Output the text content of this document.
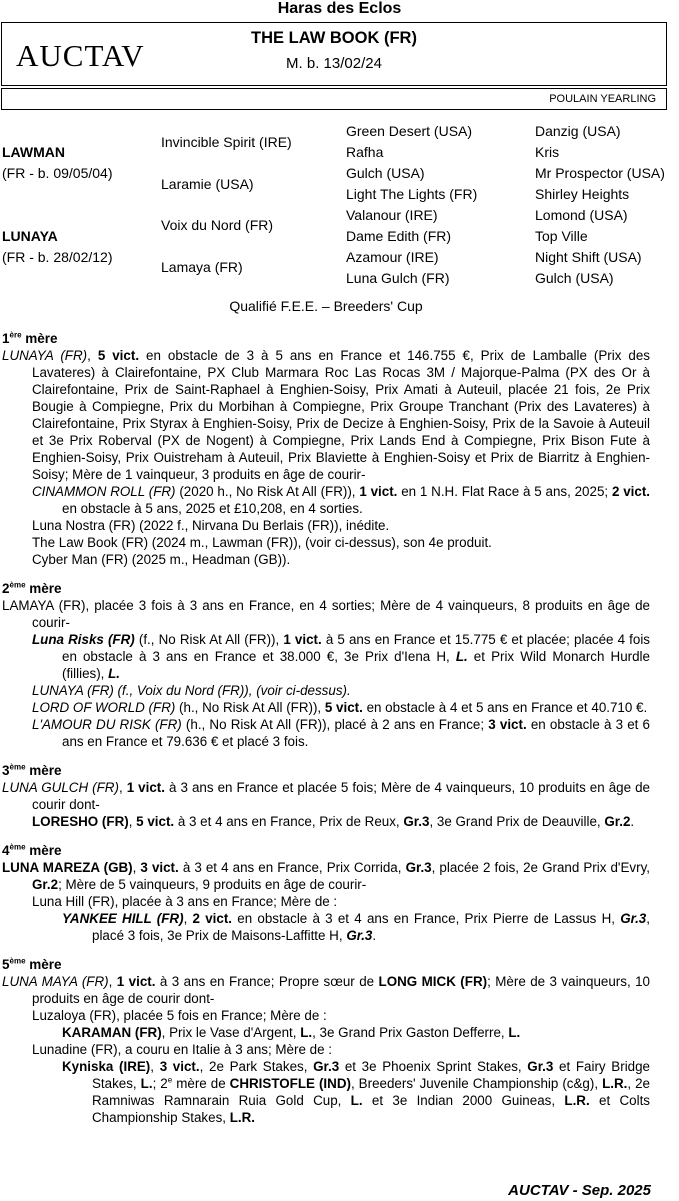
Haras des Eclos
AUCTAV	THE LAW BOOK (FR)
M. b. 13/02/24
POULAIN YEARLING
LAWMAN
(FR - b. 09/05/04)
LUNAYA
(FR - b. 28/02/12)
Invincible Spirit (IRE)
Laramie (USA)
Voix du Nord (FR)
Lamaya (FR)
Green Desert (USA)
Rafha
Gulch (USA)
Light The Lights (FR)
Valanour (IRE)
Dame Edith (FR)
Azamour (IRE)
Luna Gulch (FR)
Danzig (USA)
Kris
Mr Prospector (USA)
Shirley Heights
Lomond (USA)
Top Ville
Night Shift (USA)
Gulch (USA)
Qualifié F.E.E. – Breeders' Cup
1ère mère

LUNAYA (FR), 5 vict. en obstacle de 3 à 5 ans en France et 146.755 €, Prix de Lamballe (Prix des Lavateres) à Clairefontaine, PX Club Marmara Roc Las Rocas 3M / Majorque-Palma (PX des Or à Clairefontaine, Prix de Saint-Raphael à Enghien-Soisy, Prix Amati à Auteuil, placée 21 fois, 2e Prix Bougie à Compiegne, Prix du Morbihan à Compiegne, Prix Groupe Tranchant (Prix des Lavateres) à Clairefontaine, Prix Styrax à Enghien-Soisy, Prix de Decize à Enghien-Soisy, Prix de la Savoie à Auteuil et 3e Prix Roberval (PX de Nogent) à Compiegne, Prix Lands End à Compiegne, Prix Bison Fute à Enghien-Soisy, Prix Ouistreham à Auteuil, Prix Blaviette à Enghien-Soisy et Prix de Biarritz à Enghien-Soisy; Mère de 1 vainqueur, 3 produits en âge de courir-

CINAMMON ROLL (FR) (2020 h., No Risk At All (FR)), 1 vict. en 1 N.H. Flat Race à 5 ans, 2025; 2 vict. en obstacle à 5 ans, 2025 et £10,208, en 4 sorties.

Luna Nostra (FR) (2022 f., Nirvana Du Berlais (FR)), inédite.

The Law Book (FR) (2024 m., Lawman (FR)), (voir ci-dessus), son 4e produit.

Cyber Man (FR) (2025 m., Headman (GB)).

2ème mère

LAMAYA (FR), placée 3 fois à 3 ans en France, en 4 sorties; Mère de 4 vainqueurs, 8 produits en âge de courir-

Luna Risks (FR) (f., No Risk At All (FR)), 1 vict. à 5 ans en France et 15.775 € et placée; placée 4 fois en obstacle à 3 ans en France et 38.000 €, 3e Prix d'Iena H, L. et Prix Wild Monarch Hurdle (fillies), L.

LUNAYA (FR) (f., Voix du Nord (FR)), (voir ci-dessus).

LORD OF WORLD (FR) (h., No Risk At All (FR)), 5 vict. en obstacle à 4 et 5 ans en France et 40.710 €.

L'AMOUR DU RISK (FR) (h., No Risk At All (FR)), placé à 2 ans en France; 3 vict. en obstacle à 3 et 6 ans en France et 79.636 € et placé 3 fois.

3ème mère

LUNA GULCH (FR), 1 vict. à 3 ans en France et placée 5 fois; Mère de 4 vainqueurs, 10 produits en âge de courir dont-

LORESHO (FR), 5 vict. à 3 et 4 ans en France, Prix de Reux, Gr.3, 3e Grand Prix de Deauville, Gr.2.

4ème mère

LUNA MAREZA (GB), 3 vict. à 3 et 4 ans en France, Prix Corrida, Gr.3, placée 2 fois, 2e Grand Prix d'Evry, Gr.2; Mère de 5 vainqueurs, 9 produits en âge de courir-

Luna Hill (FR), placée à 3 ans en France; Mère de :

YANKEE HILL (FR), 2 vict. en obstacle à 3 et 4 ans en France, Prix Pierre de Lassus H, Gr.3, placé 3 fois, 3e Prix de Maisons-Laffitte H, Gr.3.

5ème mère

LUNA MAYA (FR), 1 vict. à 3 ans en France; Propre sœur de LONG MICK (FR); Mère de 3 vainqueurs, 10 produits en âge de courir dont-

Luzaloya (FR), placée 5 fois en France; Mère de :

KARAMAN (FR), Prix le Vase d'Argent, L., 3e Grand Prix Gaston Defferre, L.

Lunadine (FR), a couru en Italie à 3 ans; Mère de :

Kyniska (IRE), 3 vict., 2e Park Stakes, Gr.3 et 3e Phoenix Sprint Stakes, Gr.3 et Fairy Bridge Stakes, L.; 2e mère de CHRISTOFLE (IND), Breeders' Juvenile Championship (c&g), L.R., 2e Ramniwas Ramnarain Ruia Gold Cup, L. et 3e Indian 2000 Guineas, L.R. et Colts Championship Stakes, L.R.

AUCTAV - Sep. 2025
